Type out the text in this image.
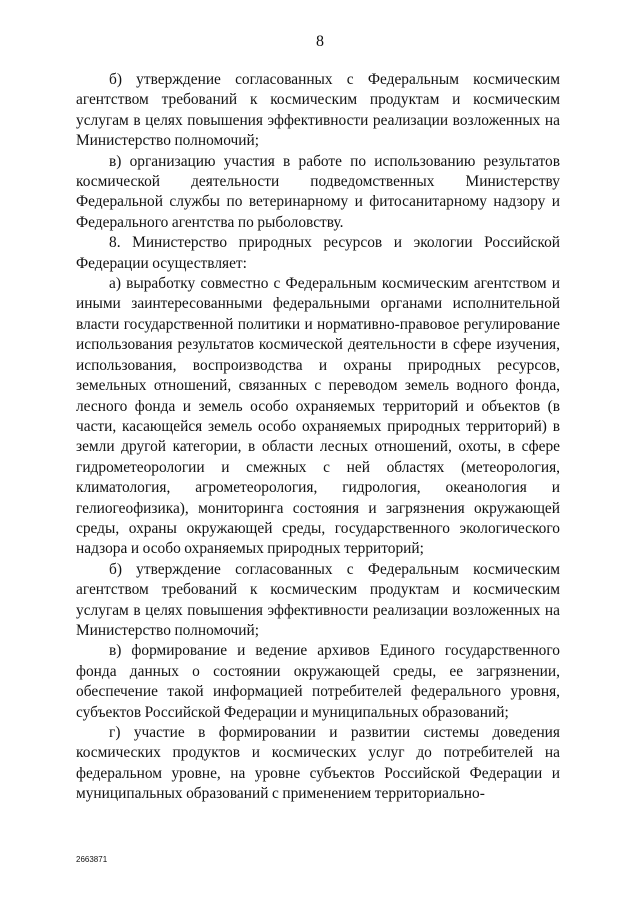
8

б) утверждение согласованных с Федеральным космическим агентством требований к космическим продуктам и космическим услугам в целях повышения эффективности реализации возложенных на Министерство полномочий;

в) организацию участия в работе по использованию результатов космической деятельности подведомственных Министерству Федеральной службы по ветеринарному и фитосанитарному надзору и Федерального агентства по рыболовству.

8. Министерство природных ресурсов и экологии Российской Федерации осуществляет:

а) выработку совместно с Федеральным космическим агентством и иными заинтересованными федеральными органами исполнительной власти государственной политики и нормативно-правовое регулирование использования результатов космической деятельности в сфере изучения, использования, воспроизводства и охраны природных ресурсов, земельных отношений, связанных с переводом земель водного фонда, лесного фонда и земель особо охраняемых территорий и объектов (в части, касающейся земель особо охраняемых природных территорий) в земли другой категории, в области лесных отношений, охоты, в сфере гидрометеорологии и смежных с ней областях (метеорология, климатология, агрометеорология, гидрология, океанология и гелиогеофизика), мониторинга состояния и загрязнения окружающей среды, охраны окружающей среды, государственного экологического надзора и особо охраняемых природных территорий;

б) утверждение согласованных с Федеральным космическим агентством требований к космическим продуктам и космическим услугам в целях повышения эффективности реализации возложенных на Министерство полномочий;

в) формирование и ведение архивов Единого государственного фонда данных о состоянии окружающей среды, ее загрязнении, обеспечение такой информацией потребителей федерального уровня, субъектов Российской Федерации и муниципальных образований;

г) участие в формировании и развитии системы доведения космических продуктов и космических услуг до потребителей на федеральном уровне, на уровне субъектов Российской Федерации и муниципальных образований с применением территориально-

2663871
